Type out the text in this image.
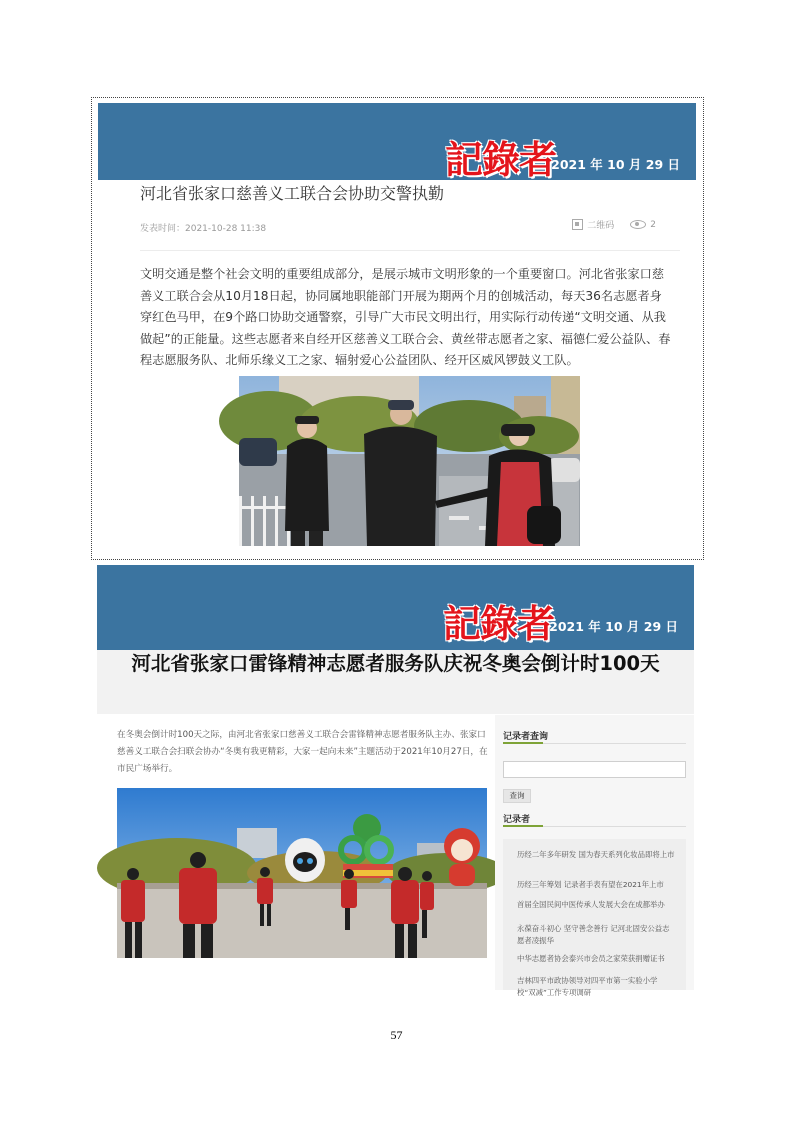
記錄者
2021 年 10 月 29 日
河北省张家口慈善义工联合会协助交警执勤
发表时间：2021-10-28 11:38	二维码	2
文明交通是整个社会文明的重要组成部分，是展示城市文明形象的一个重要窗口。河北省张家口慈善义工联合会从10月18日起，协同属地职能部门开展为期两个月的创城活动，每天36名志愿者身穿红色马甲，在9个路口协助交通警察，引导广大市民文明出行，用实际行动传递“文明交通、从我做起”的正能量。这些志愿者来自经开区慈善义工联合会、黄丝带志愿者之家、福德仁爱公益队、春程志愿服务队、北师乐缘义工之家、辐射爱心公益团队、经开区威风锣鼓义工队。
記錄者
2021 年 10 月 29 日
河北省张家口雷锋精神志愿者服务队庆祝冬奥会倒计时100天
在冬奥会倒计时100天之际，由河北省张家口慈善义工联合会雷锋精神志愿者服务队主办、张家口慈善义工联合会扫联会协办“冬奥有我更精彩，大家一起向未来”主题活动于2021年10月27日，在市民广场举行。
记录者查询
查询
记录者
历经二年多年研发 国为春天系列化妆品即将上市
历经三年筹划 记录者手表有望在2021年上市
首届全国民间中医传承人发展大会在成都举办
永葆奋斗初心 坚守善念善行 记河北固安公益志愿者凌振华
中华志愿者协会泰兴市会员之家荣获捐赠证书
吉林四平市政协领导对四平市第一实验小学校“双减”工作专项调研
57
